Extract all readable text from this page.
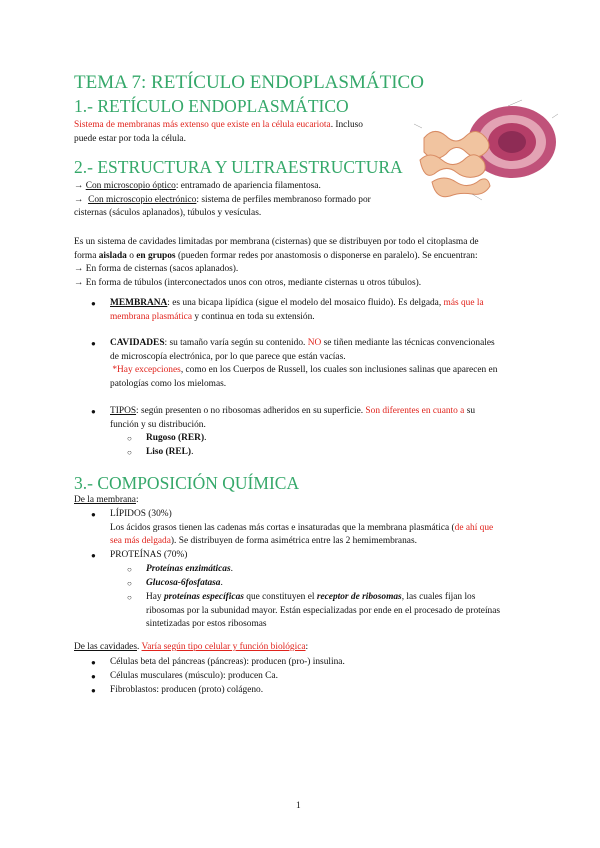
TEMA 7: RETÍCULO ENDOPLASMÁTICO
1.- RETÍCULO ENDOPLASMÁTICO
Sistema de membranas más extenso que existe en la célula eucariota. Incluso
puede estar por toda la célula.
2.- ESTRUCTURA Y ULTRAESTRUCTURA
→ Con microscopio óptico: entramado de apariencia filamentosa.
→  Con microscopio electrónico: sistema de perfiles membranoso formado por
cisternas (sáculos aplanados), túbulos y vesículas.
Es un sistema de cavidades limitadas por membrana (cisternas) que se distribuyen por todo el citoplasma de
forma aislada o en grupos (pueden formar redes por anastomosis o disponerse en paralelo). Se encuentran:
→ En forma de cisternas (sacos aplanados).
→ En forma de túbulos (interconectados unos con otros, mediante cisternas u otros túbulos).
● MEMBRANA: es una bicapa lipídica (sigue el modelo del mosaico fluido). Es delgada, más que la
membrana plasmática y continua en toda su extensión.
● CAVIDADES: su tamaño varía según su contenido. NO se tiñen mediante las técnicas convencionales
de microscopía electrónica, por lo que parece que están vacías.
*Hay excepciones, como en los Cuerpos de Russell, los cuales son inclusiones salinas que aparecen en
patologías como los mielomas.
● TIPOS: según presenten o no ribosomas adheridos en su superficie. Son diferentes en cuanto a su
función y su distribución.
○ Rugoso (RER).
○ Liso (REL).
3.- COMPOSICIÓN QUÍMICA
De la membrana:
● LÍPIDOS (30%)
Los ácidos grasos tienen las cadenas más cortas e insaturadas que la membrana plasmática (de ahí que
sea más delgada). Se distribuyen de forma asimétrica entre las 2 hemimembranas.
● PROTEÍNAS (70%)
○ Proteínas enzimáticas.
○ Glucosa-6fosfatasa.
○ Hay proteínas específicas que constituyen el receptor de ribosomas, las cuales fijan los
ribosomas por la subunidad mayor. Están especializadas por ende en el procesado de proteínas
sintetizadas por estos ribosomas
De las cavidades. Varía según tipo celular y función biológica:
● Células beta del páncreas (páncreas): producen (pro-) insulina.
● Células musculares (músculo): producen Ca.
● Fibroblastos: producen (proto) colágeno.
1
